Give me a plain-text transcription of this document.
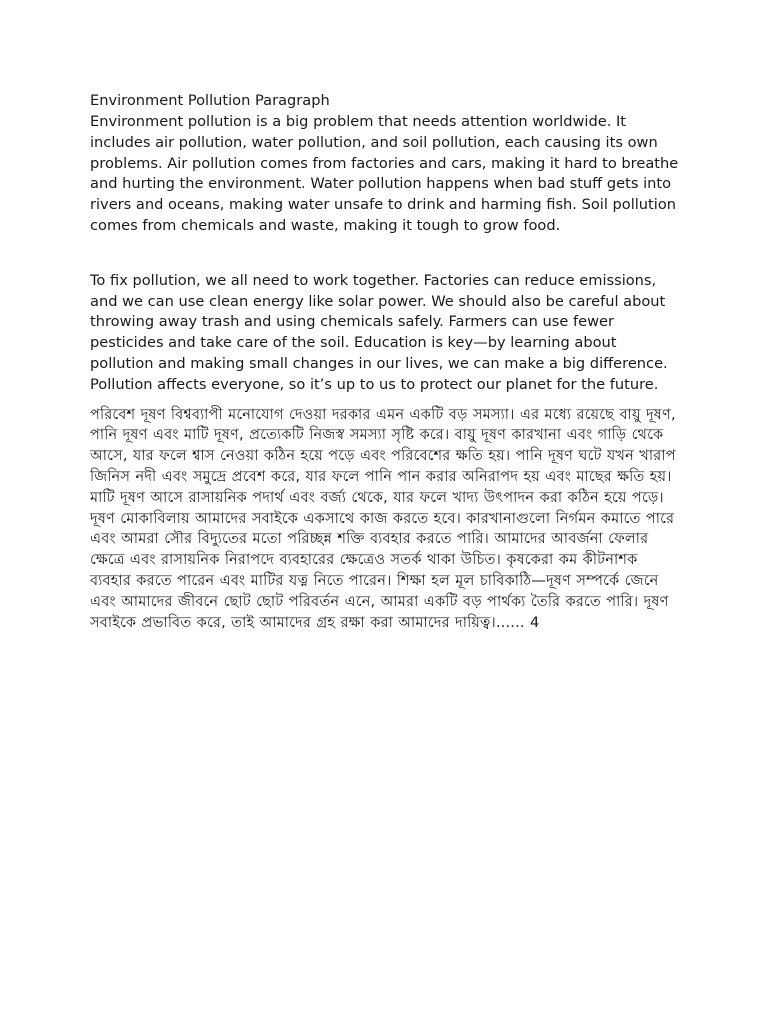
Environment Pollution Paragraph

Environment pollution is a big problem that needs attention worldwide. It includes air pollution, water pollution, and soil pollution, each causing its own problems. Air pollution comes from factories and cars, making it hard to breathe and hurting the environment. Water pollution happens when bad stuff gets into rivers and oceans, making water unsafe to drink and harming fish. Soil pollution comes from chemicals and waste, making it tough to grow food.

To fix pollution, we all need to work together. Factories can reduce emissions, and we can use clean energy like solar power. We should also be careful about throwing away trash and using chemicals safely. Farmers can use fewer pesticides and take care of the soil. Education is key—by learning about pollution and making small changes in our lives, we can make a big difference. Pollution affects everyone, so it’s up to us to protect our planet for the future.

পরিবেশ দূষণ বিশ্বব্যাপী মনোযোগ দেওয়া দরকার এমন একটি বড় সমস্যা। এর মধ্যে রয়েছে বায়ু দূষণ, পানি দূষণ এবং মাটি দূষণ, প্রত্যেকটি নিজস্ব সমস্যা সৃষ্টি করে। বায়ু দূষণ কারখানা এবং গাড়ি থেকে আসে, যার ফলে শ্বাস নেওয়া কঠিন হয়ে পড়ে এবং পরিবেশের ক্ষতি হয়। পানি দূষণ ঘটে যখন খারাপ জিনিস নদী এবং সমুদ্রে প্রবেশ করে, যার ফলে পানি পান করার অনিরাপদ হয় এবং মাছের ক্ষতি হয়। মাটি দূষণ আসে রাসায়নিক পদার্থ এবং বর্জ্য থেকে, যার ফলে খাদ্য উৎপাদন করা কঠিন হয়ে পড়ে। দূষণ মোকাবিলায় আমাদের সবাইকে একসাথে কাজ করতে হবে। কারখানাগুলো নির্গমন কমাতে পারে এবং আমরা সৌর বিদ্যুতের মতো পরিচ্ছন্ন শক্তি ব্যবহার করতে পারি। আমাদের আবর্জনা ফেলার ক্ষেত্রে এবং রাসায়নিক নিরাপদে ব্যবহারের ক্ষেত্রেও সতর্ক থাকা উচিত। কৃষকেরা কম কীটনাশক ব্যবহার করতে পারেন এবং মাটির যত্ন নিতে পারেন। শিক্ষা হল মূল চাবিকাঠি—দূষণ সম্পর্কে জেনে এবং আমাদের জীবনে ছোট ছোট পরিবর্তন এনে, আমরা একটি বড় পার্থক্য তৈরি করতে পারি। দূষণ সবাইকে প্রভাবিত করে, তাই আমাদের গ্রহ রক্ষা করা আমাদের দায়িত্ব।...... 4
